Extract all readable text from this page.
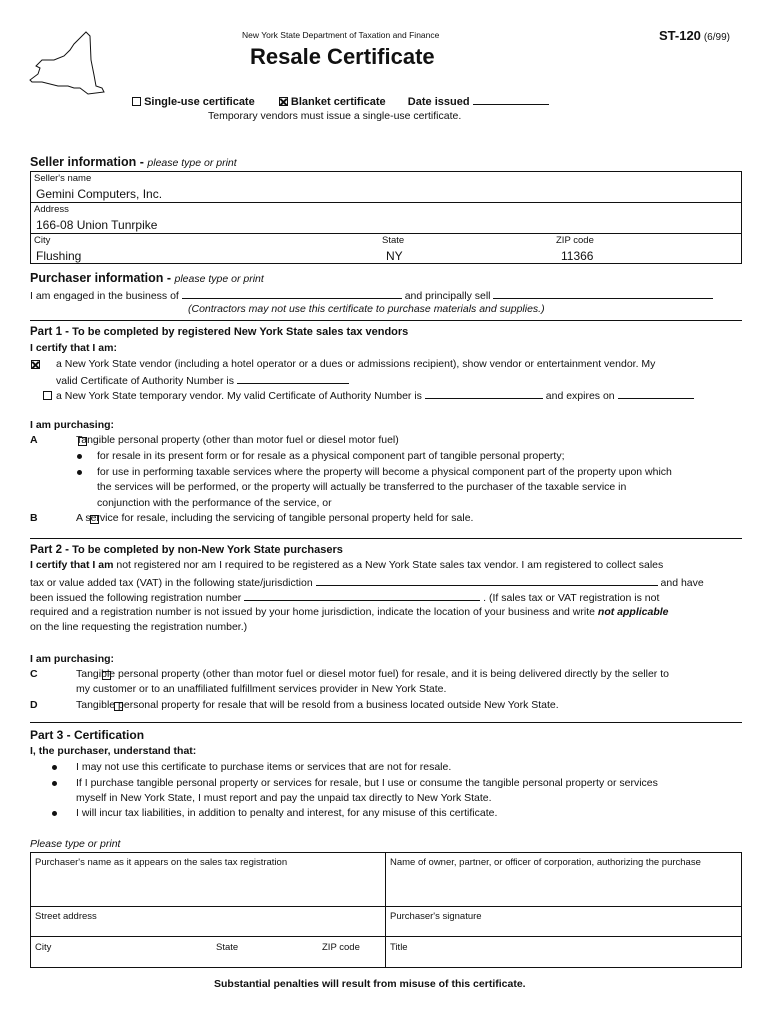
New York State Department of Taxation and Finance
Resale Certificate
ST-120 (6/99)
Single-use certificate	Blanket certificate Date issued
Temporary vendors must issue a single-use certificate.
Seller information - please type or print
Seller's name
Gemini Computers, Inc.
Address
166-08 Union Tunrpike
City
Flushing
State
NY
ZIP code
11366
Purchaser information - please type or print
I am engaged in the business of	and principally sell
(Contractors may not use this certificate to purchase materials and supplies.)
Part 1 - To be completed by registered New York State sales tax vendors
I certify that I am:

a New York State vendor (including a hotel operator or a dues or admissions recipient), show vendor or entertainment vendor. My
valid Certificate of Authority Number is

a New York State temporary vendor. My valid Certificate of Authority Number is	and expires on
I am purchasing:
A
	Tangible personal property (other than motor fuel or diesel motor fuel)
for resale in its present form or for resale as a physical component part of tangible personal property;
for use in performing taxable services where the property will become a physical component part of the property upon which
the services will be performed, or the property will actually be transferred to the purchaser of the taxable service in
conjunction with the performance of the service, or
B
	A service for resale, including the servicing of tangible personal property held for sale.
Part 2 - To be completed by non-New York State purchasers
I certify that I am not registered nor am I required to be registered as a New York State sales tax vendor. I am registered to collect sales
tax or value added tax (VAT) in the following state/jurisdiction	and have
been issued the following registration number	. (If sales tax or VAT registration is not
required and a registration number is not issued by your home jurisdiction, indicate the location of your business and write not applicable
on the line requesting the registration number.)
I am purchasing:
C
	Tangible personal property (other than motor fuel or diesel motor fuel) for resale, and it is being delivered directly by the seller to
my customer or to an unaffiliated fulfillment services provider in New York State.
D	Tangible personal property for resale that will be resold from a business located outside New York State.
Part 3 - Certification
I, the purchaser, understand that:
I may not use this certificate to purchase items or services that are not for resale.
If I purchase tangible personal property or services for resale, but I use or consume the tangible personal property or services
myself in New York State, I must report and pay the unpaid tax directly to New York State.
I will incur tax liabilities, in addition to penalty and interest, for any misuse of this certificate.
Please type or print
Purchaser's name as it appears on the sales tax registration	Name of owner, partner, or officer of corporation, authorizing the purchase
Street address	Purchaser's signature
City	State	ZIP code	Title
Substantial penalties will result from misuse of this certificate.
